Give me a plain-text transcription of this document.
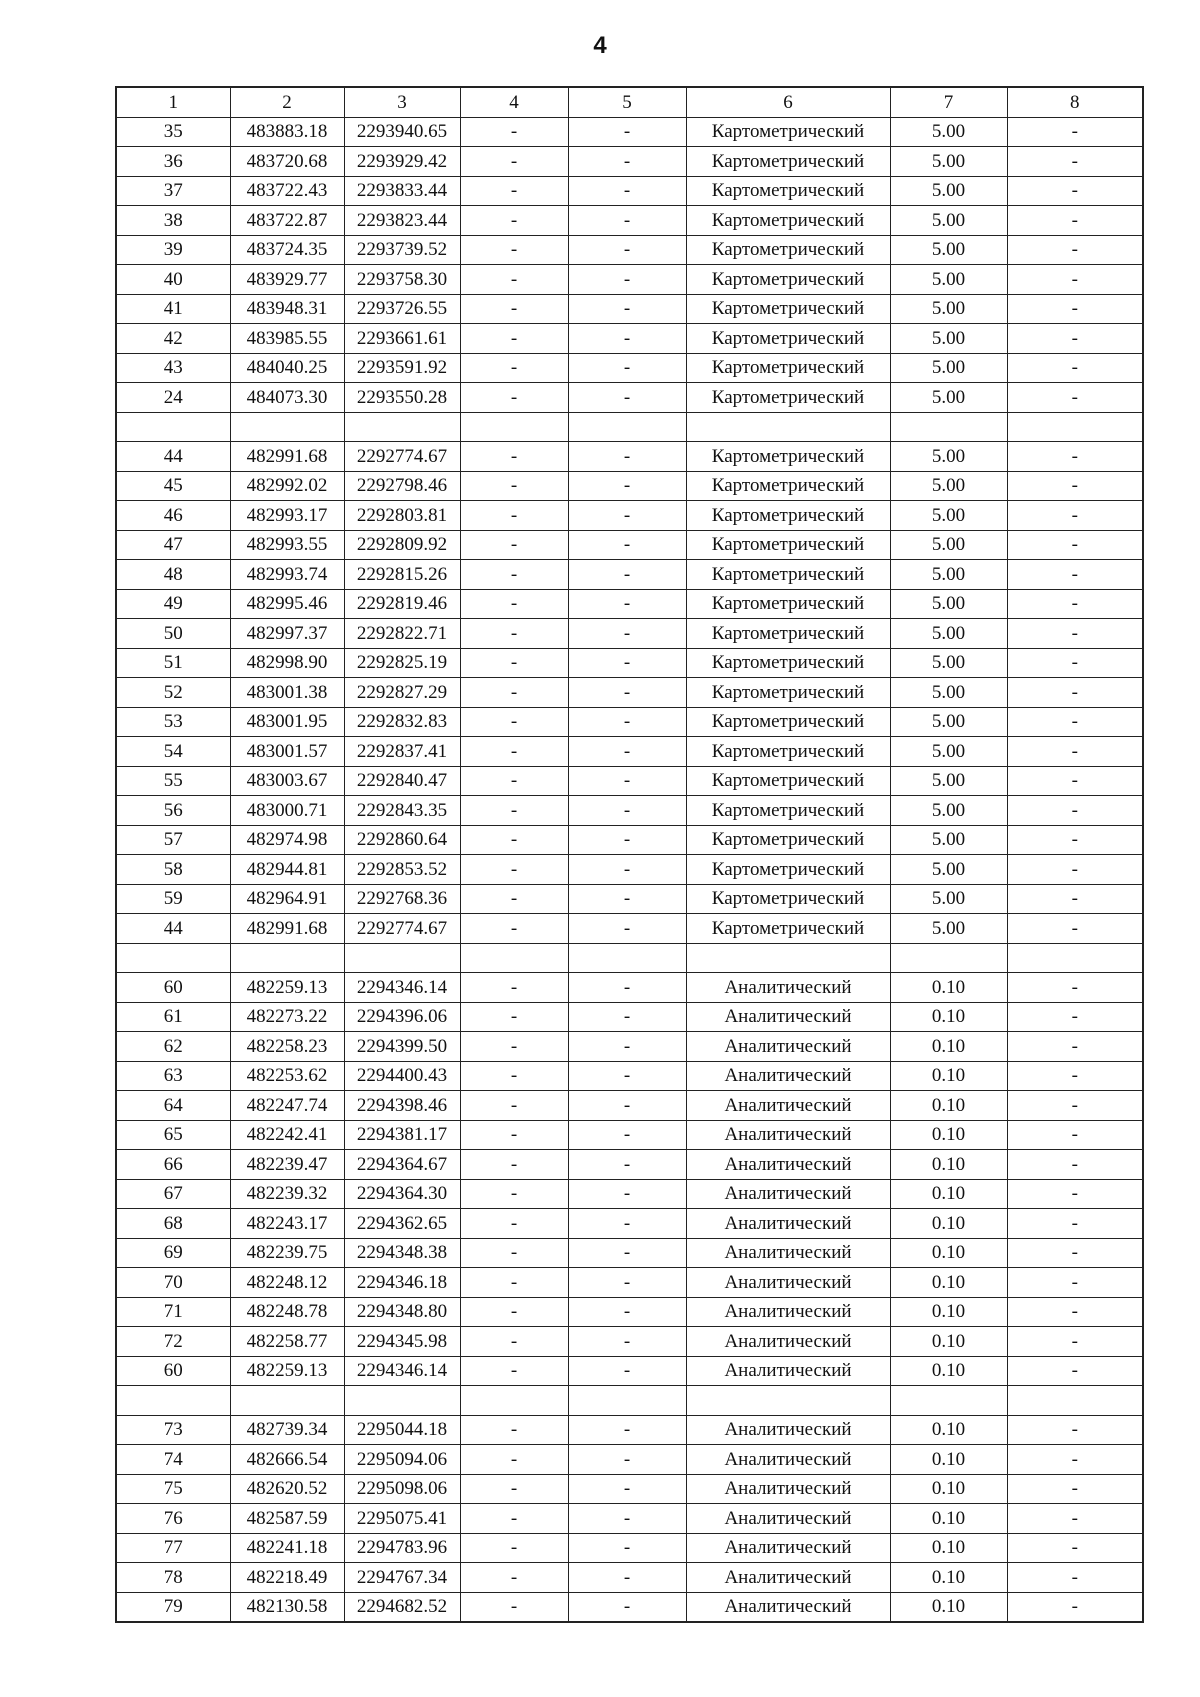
4
1	2	3	4	5	6	7	8
35	483883.18	2293940.65	-	-	Картометрический	5.00	-
36	483720.68	2293929.42	-	-	Картометрический	5.00	-
37	483722.43	2293833.44	-	-	Картометрический	5.00	-
38	483722.87	2293823.44	-	-	Картометрический	5.00	-
39	483724.35	2293739.52	-	-	Картометрический	5.00	-
40	483929.77	2293758.30	-	-	Картометрический	5.00	-
41	483948.31	2293726.55	-	-	Картометрический	5.00	-
42	483985.55	2293661.61	-	-	Картометрический	5.00	-
43	484040.25	2293591.92	-	-	Картометрический	5.00	-
24	484073.30	2293550.28	-	-	Картометрический	5.00	-

44	482991.68	2292774.67	-	-	Картометрический	5.00	-
45	482992.02	2292798.46	-	-	Картометрический	5.00	-
46	482993.17	2292803.81	-	-	Картометрический	5.00	-
47	482993.55	2292809.92	-	-	Картометрический	5.00	-
48	482993.74	2292815.26	-	-	Картометрический	5.00	-
49	482995.46	2292819.46	-	-	Картометрический	5.00	-
50	482997.37	2292822.71	-	-	Картометрический	5.00	-
51	482998.90	2292825.19	-	-	Картометрический	5.00	-
52	483001.38	2292827.29	-	-	Картометрический	5.00	-
53	483001.95	2292832.83	-	-	Картометрический	5.00	-
54	483001.57	2292837.41	-	-	Картометрический	5.00	-
55	483003.67	2292840.47	-	-	Картометрический	5.00	-
56	483000.71	2292843.35	-	-	Картометрический	5.00	-
57	482974.98	2292860.64	-	-	Картометрический	5.00	-
58	482944.81	2292853.52	-	-	Картометрический	5.00	-
59	482964.91	2292768.36	-	-	Картометрический	5.00	-
44	482991.68	2292774.67	-	-	Картометрический	5.00	-

60	482259.13	2294346.14	-	-	Аналитический	0.10	-
61	482273.22	2294396.06	-	-	Аналитический	0.10	-
62	482258.23	2294399.50	-	-	Аналитический	0.10	-
63	482253.62	2294400.43	-	-	Аналитический	0.10	-
64	482247.74	2294398.46	-	-	Аналитический	0.10	-
65	482242.41	2294381.17	-	-	Аналитический	0.10	-
66	482239.47	2294364.67	-	-	Аналитический	0.10	-
67	482239.32	2294364.30	-	-	Аналитический	0.10	-
68	482243.17	2294362.65	-	-	Аналитический	0.10	-
69	482239.75	2294348.38	-	-	Аналитический	0.10	-
70	482248.12	2294346.18	-	-	Аналитический	0.10	-
71	482248.78	2294348.80	-	-	Аналитический	0.10	-
72	482258.77	2294345.98	-	-	Аналитический	0.10	-
60	482259.13	2294346.14	-	-	Аналитический	0.10	-

73	482739.34	2295044.18	-	-	Аналитический	0.10	-
74	482666.54	2295094.06	-	-	Аналитический	0.10	-
75	482620.52	2295098.06	-	-	Аналитический	0.10	-
76	482587.59	2295075.41	-	-	Аналитический	0.10	-
77	482241.18	2294783.96	-	-	Аналитический	0.10	-
78	482218.49	2294767.34	-	-	Аналитический	0.10	-
79	482130.58	2294682.52	-	-	Аналитический	0.10	-
